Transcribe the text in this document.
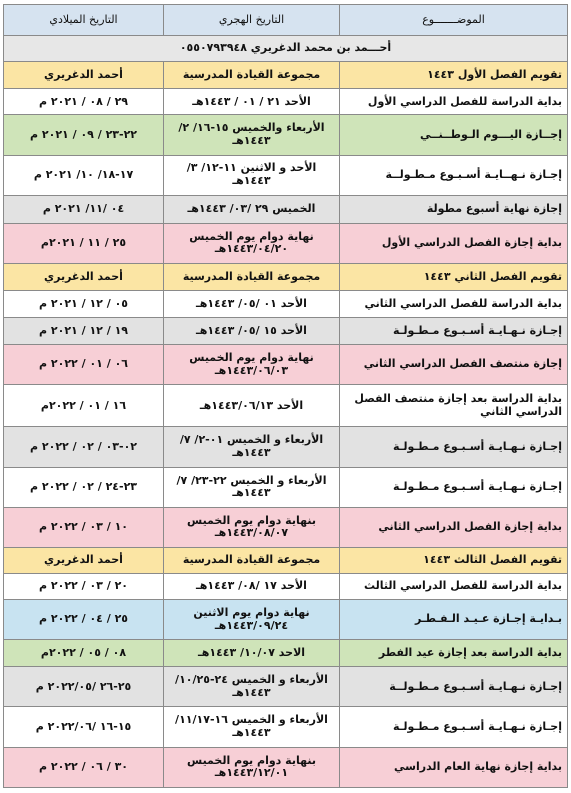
الموضـــــــوع	التاريخ الهجري	التاريخ الميلادي
أحـــمد بن محمد الدغريري ٠٥٥٠٧٩٣٩٤٨		
تقويم الفصل الأول ١٤٤٣	مجموعة القيادة المدرسية	أحمد الدغريري
بداية الدراسة للفصل الدراسي الأول	الأحد ٢١ / ٠١ / ١٤٤٣هـ	٢٩ / ٠٨ / ٢٠٢١ م
إجــازة اليـــوم الـوطــنــي	الأربعاء والخميس ١٥-١٦/ ٢/ ١٤٤٣هـ	٢٢-٢٣ / ٠٩ / ٢٠٢١ م
إجـازة نـهــايـة أسـبـوع مـطـولــة	الأحد و الاثنين ١١-١٢/ ٣/ ١٤٤٣هـ	١٧-١٨/ ١٠/ ٢٠٢١ م
إجازة نهاية أسبوع مطولة	الخميس ٢٩ /٠٣/ ١٤٤٣هـ	٠٤ /١١/ ٢٠٢١ م
بداية إجازة الفصل الدراسي الأول	نهاية دوام يوم الخميس ١٤٤٣/٠٤/٢٠هـ	٢٥ / ١١ / ٢٠٢١م
تقويم الفصل الثاني ١٤٤٣	مجموعة القيادة المدرسية	أحمد الدغريري
بداية الدراسة للفصل الدراسي الثاني	الأحد ٠١ /٠٥/ ١٤٤٣هـ	٠٥ / ١٢ / ٢٠٢١ م
إجـازة نـهـايـة أسـبـوع مـطـولـة	الأحد ١٥ /٠٥/ ١٤٤٣هـ	١٩ / ١٢ / ٢٠٢١ م
إجازة منتصف الفصل الدراسي الثاني	نهاية دوام يوم الخميس ١٤٤٣/٠٦/٠٣هـ	٠٦ / ٠١ / ٢٠٢٢ م
بداية الدراسة بعد إجازة منتصف الفصل الدراسي الثاني	الأحد ١٤٤٣/٠٦/١٣هـ	١٦ / ٠١ / ٢٠٢٢م
إجـازة نـهـايـة أسـبـوع مـطـولـة	الأربعاء و الخميس ٠١-٢/ ٧/ ١٤٤٣هـ	٠٢-٠٣ / ٠٢ / ٢٠٢٢ م
إجـازة نـهـايـة أسـبـوع مـطـولـة	الأربعاء و الخميس ٢٢-٢٣/ ٧/ ١٤٤٣هـ	٢٣-٢٤ / ٠٢ / ٢٠٢٢ م
بداية إجازة الفصل الدراسي الثاني	بنهاية دوام يوم الخميس ١٤٤٣/٠٨/٠٧هـ	١٠ / ٠٣ / ٢٠٢٢ م
تقويم الفصل الثالث ١٤٤٣	مجموعة القيادة المدرسية	أحمد الدغريري
بداية الدراسة للفصل الدراسي الثالث	الأحد ١٧ /٠٨/ ١٤٤٣هـ	٢٠ / ٠٣ / ٢٠٢٢ م
بـدايـة إجـازة عـيـد الـفـطـر	نهاية دوام يوم الاثنين ١٤٤٣/٠٩/٢٤هـ	٢٥ / ٠٤ / ٢٠٢٢ م
بداية الدراسة بعد إجازة عيد الفطر	الاحد ١٠/٠٧/ ١٤٤٣هـ	٠٨ / ٠٥ / ٢٠٢٢م
إجـازة نـهـايـة أسـبـوع مـطـولــة	الأربعاء و الخميس ٢٤-١٠/٢٥/ ١٤٤٣هـ	٢٥-٢٦ /٢٠٢٢/٠٥ م
إجـازة نـهـايـة أسـبـوع مـطـولـة	الأربعاء و الخميس ١٦-١١/١٧/ ١٤٤٣هـ	١٥-١٦ /٢٠٢٢/٠٦ م
بداية إجازة نهاية العام الدراسي	بنهاية دوام يوم الخميس ١٤٤٣/١٢/٠١هـ	٣٠ / ٠٦ / ٢٠٢٢ م
